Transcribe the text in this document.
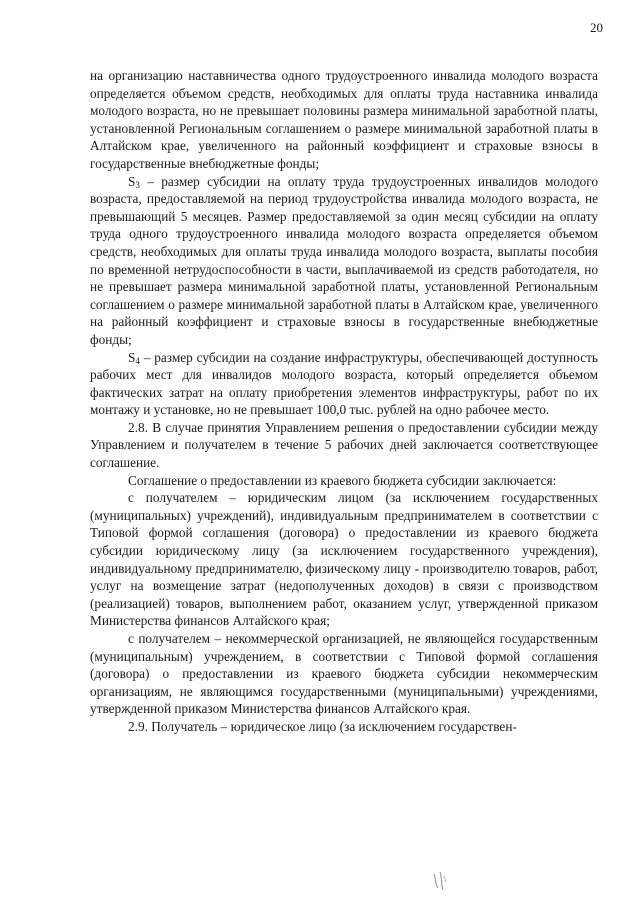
20

на организацию наставничества одного трудоустроенного инвалида молодого возраста определяется объемом средств, необходимых для оплаты труда наставника инвалида молодого возраста, но не превышает половины размера минимальной заработной платы, установленной Региональным соглашением о размере минимальной заработной платы в Алтайском крае, увеличенного на районный коэффициент и страховые взносы в государственные внебюджетные фонды;

$S_3$ – размер субсидии на оплату труда трудоустроенных инвалидов молодого возраста, предоставляемой на период трудоустройства инвалида молодого возраста, не превышающий 5 месяцев. Размер предоставляемой за один месяц субсидии на оплату труда одного трудоустроенного инвалида молодого возраста определяется объемом средств, необходимых для оплаты труда инвалида молодого возраста, выплаты пособия по временной нетрудоспособности в части, выплачиваемой из средств работодателя, но не превышает размера минимальной заработной платы, установленной Региональным соглашением о размере минимальной заработной платы в Алтайском крае, увеличенного на районный коэффициент и страховые взносы в государственные внебюджетные фонды;

$S_4$ – размер субсидии на создание инфраструктуры, обеспечивающей доступность рабочих мест для инвалидов молодого возраста, который определяется объемом фактических затрат на оплату приобретения элементов инфраструктуры, работ по их монтажу и установке, но не превышает 100,0 тыс. рублей на одно рабочее место.

2.8. В случае принятия Управлением решения о предоставлении субсидии между Управлением и получателем в течение 5 рабочих дней заключается соответствующее соглашение.

Соглашение о предоставлении из краевого бюджета субсидии заключается:

с получателем – юридическим лицом (за исключением государственных (муниципальных) учреждений), индивидуальным предпринимателем в соответствии с Типовой формой соглашения (договора) о предоставлении из краевого бюджета субсидии юридическому лицу (за исключением государственного учреждения), индивидуальному предпринимателю, физическому лицу - производителю товаров, работ, услуг на возмещение затрат (недополученных доходов) в связи с производством (реализацией) товаров, выполнением работ, оказанием услуг, утвержденной приказом Министерства финансов Алтайского края;

с получателем – некоммерческой организацией, не являющейся государственным (муниципальным) учреждением, в соответствии с Типовой формой соглашения (договора) о предоставлении из краевого бюджета субсидии некоммерческим организациям, не являющимся государственными (муниципальными) учреждениями, утвержденной приказом Министерства финансов Алтайского края.

2.9. Получатель – юридическое лицо (за исключением государствен-
